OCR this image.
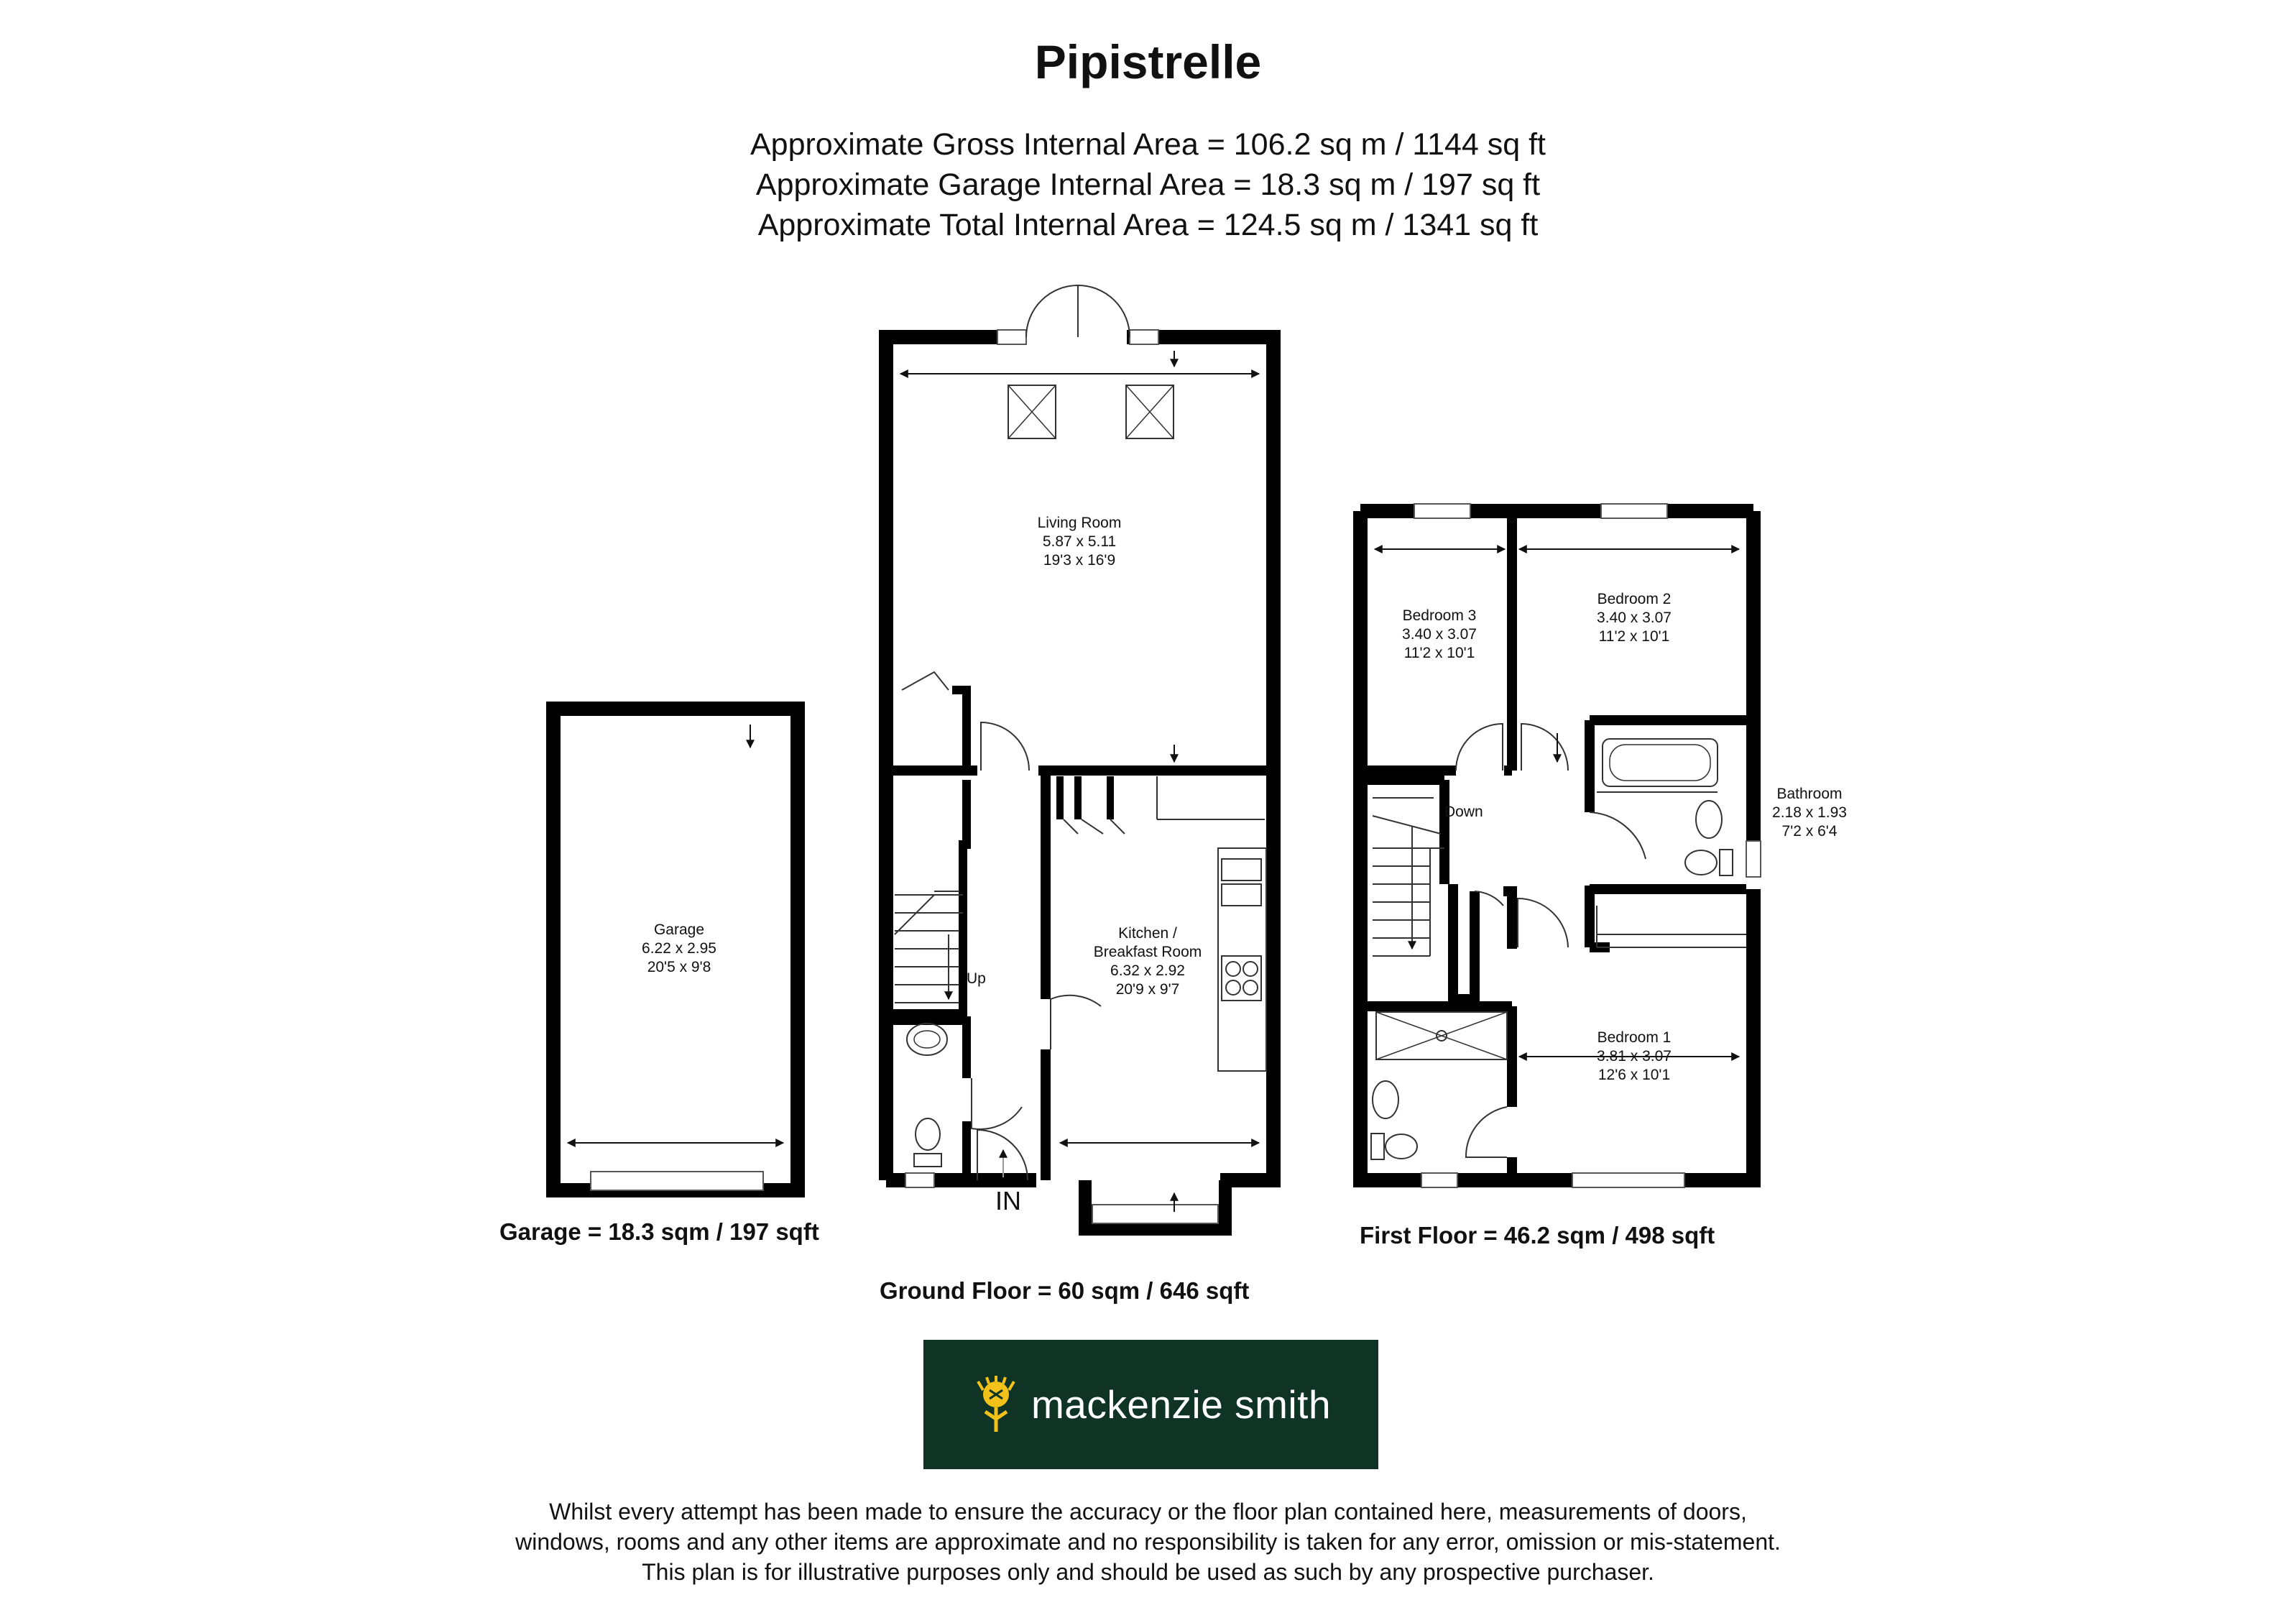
Pipistrelle
Approximate Gross Internal Area = 106.2 sq m / 1144 sq ft
Approximate Garage Internal Area = 18.3 sq m / 197 sq ft
Approximate Total Internal Area = 124.5 sq m / 1341 sq ft
Garage
6.22 x 2.95
20'5 x 9'8
Up
Living Room
5.87 x 5.11
19'3 x 16'9
Kitchen /
Breakfast Room
6.32 x 2.92
20'9 x 9'7
IN
Down
Bedroom 3
3.40 x 3.07
11'2 x 10'1
Bedroom 2
3.40 x 3.07
11'2 x 10'1
Bathroom
2.18 x 1.93
7'2 x 6'4
Bedroom 1
3.81 x 3.07
12'6 x 10'1
Garage = 18.3 sqm / 197 sqft
Ground Floor = 60 sqm / 646 sqft
First Floor = 46.2 sqm / 498 sqft
mackenzie smith
Whilst every attempt has been made to ensure the accuracy or the floor plan contained here, measurements of doors,
windows, rooms and any other items are approximate and no responsibility is taken for any error, omission or mis-statement.
This plan is for illustrative purposes only and should be used as such by any prospective purchaser.
